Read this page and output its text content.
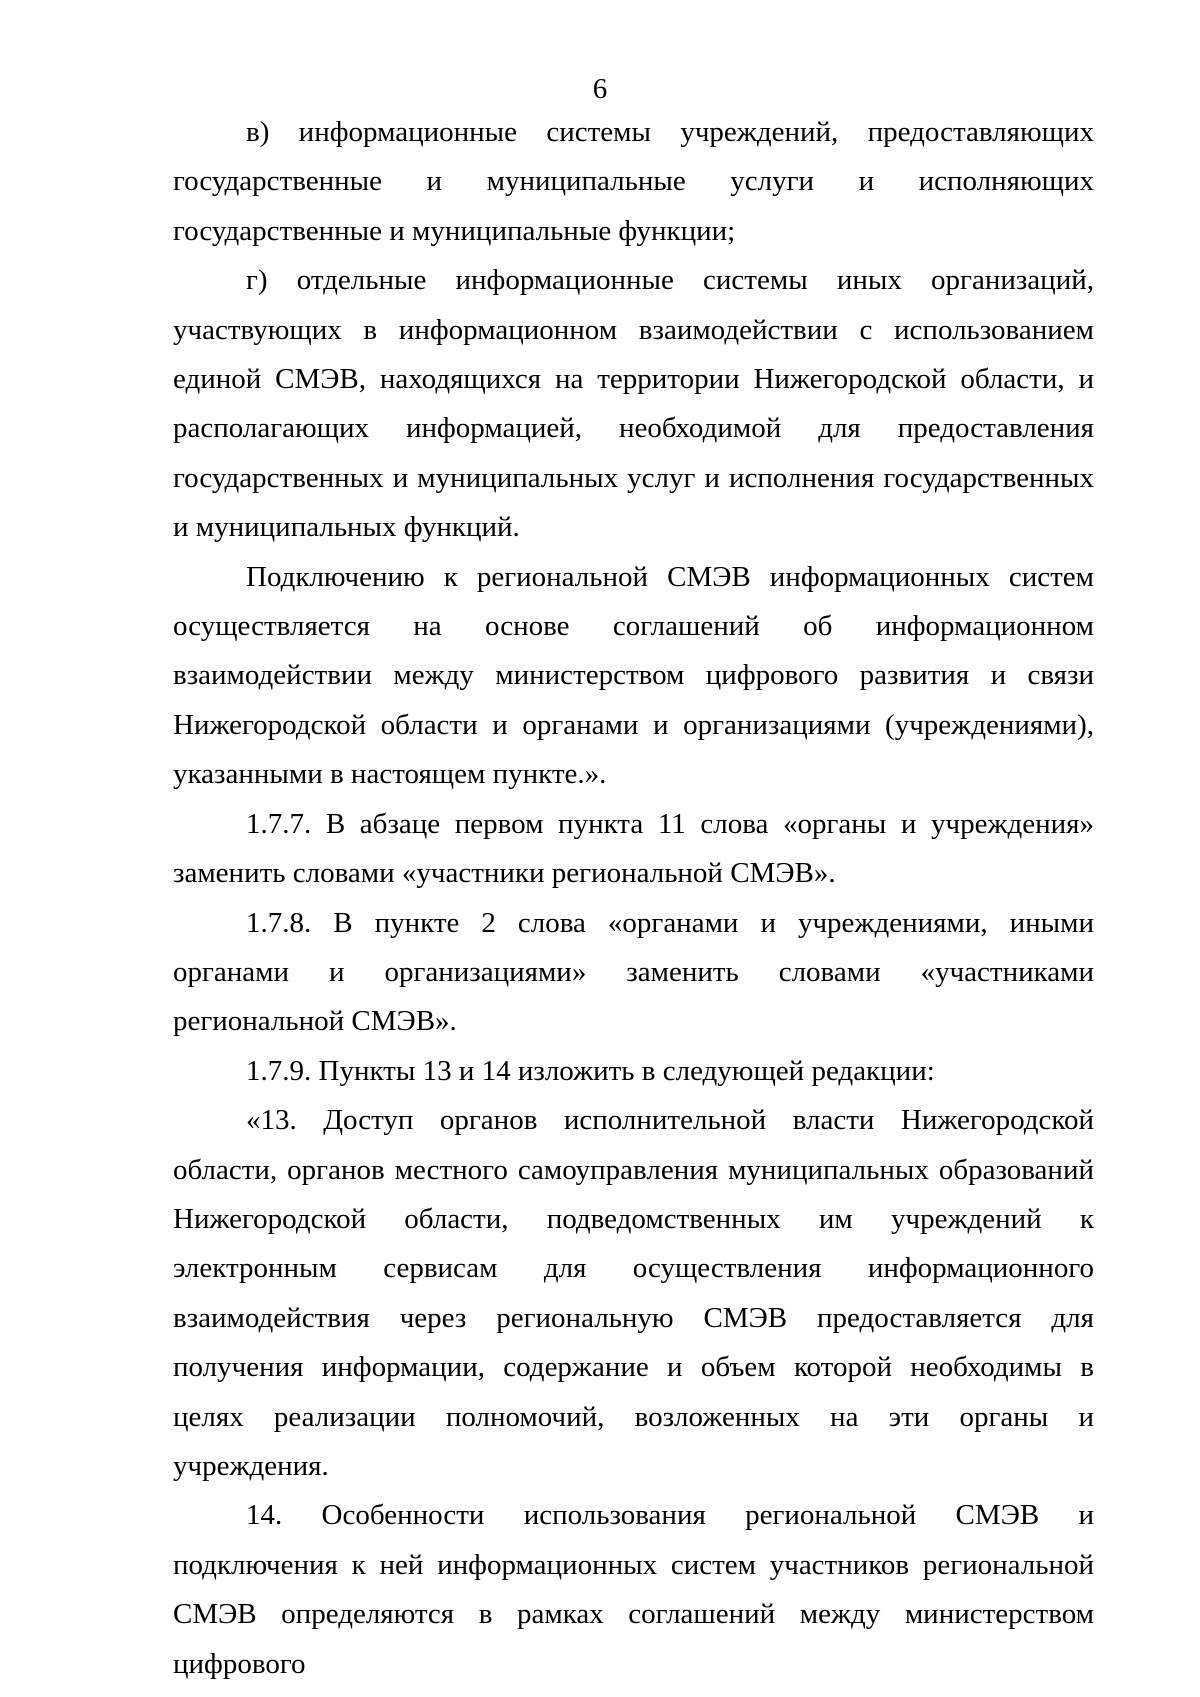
6

в) информационные системы учреждений, предоставляющих государственные и муниципальные услуги и исполняющих государственные и муниципальные функции;

г) отдельные информационные системы иных организаций, участвующих в информационном взаимодействии с использованием единой СМЭВ, находящихся на территории Нижегородской области, и располагающих информацией, необходимой для предоставления государственных и муниципальных услуг и исполнения государственных и муниципальных функций.

Подключению к региональной СМЭВ информационных систем осуществляется на основе соглашений об информационном взаимодействии между министерством цифрового развития и связи Нижегородской области и органами и организациями (учреждениями), указанными в настоящем пункте.».

1.7.7. В абзаце первом пункта 11 слова «органы и учреждения» заменить словами «участники региональной СМЭВ».

1.7.8. В пункте 2 слова «органами и учреждениями, иными органами и организациями» заменить словами «участниками региональной СМЭВ».

1.7.9. Пункты 13 и 14 изложить в следующей редакции:

«13. Доступ органов исполнительной власти Нижегородской области, органов местного самоуправления муниципальных образований Нижегородской области, подведомственных им учреждений к электронным сервисам для осуществления информационного взаимодействия через региональную СМЭВ предоставляется для получения информации, содержание и объем которой необходимы в целях реализации полномочий, возложенных на эти органы и учреждения.

14. Особенности использования региональной СМЭВ и подключения к ней информационных систем участников региональной СМЭВ определяются в рамках соглашений между министерством цифрового
